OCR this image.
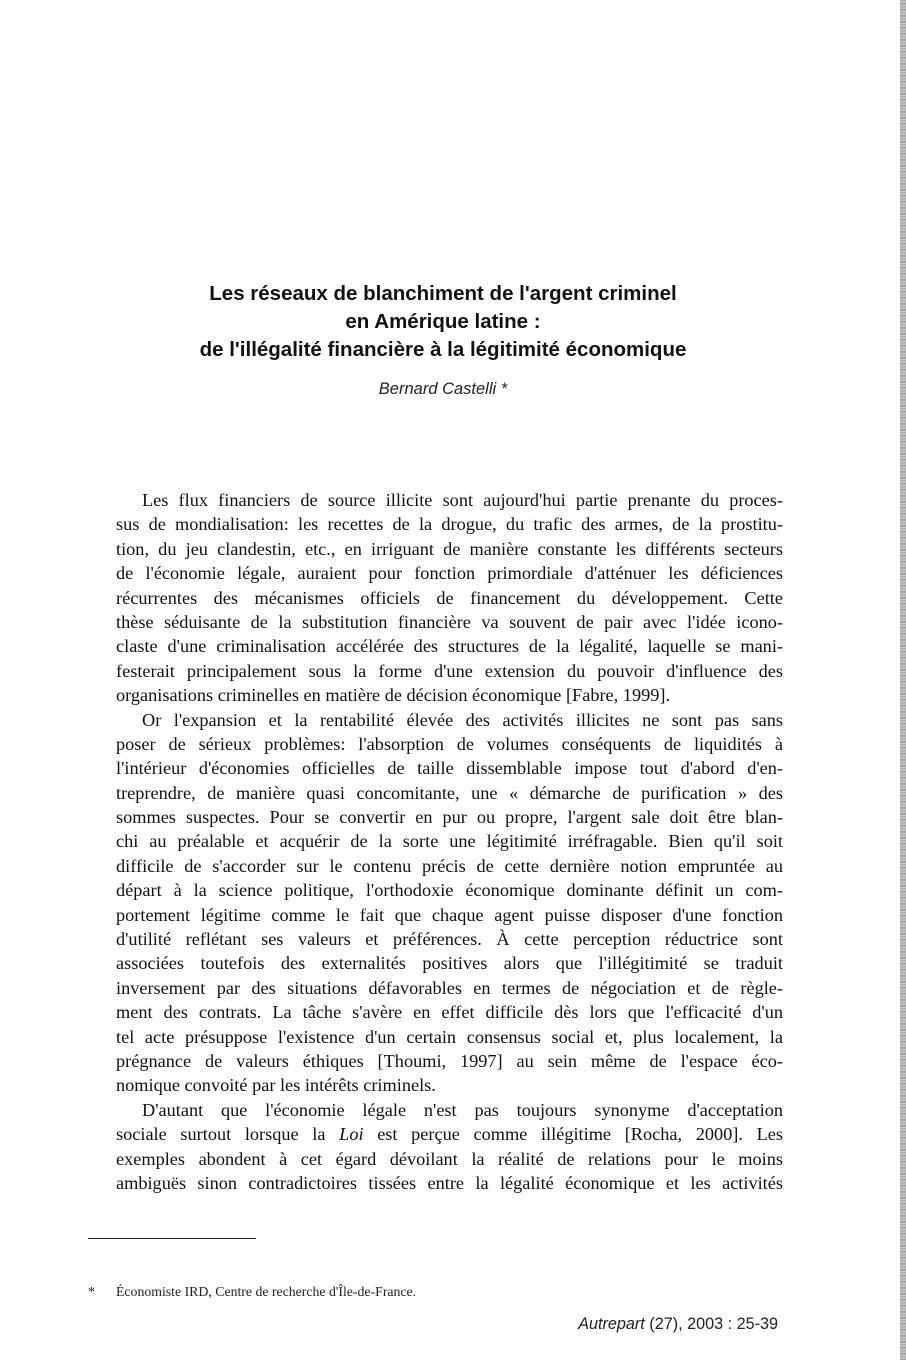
Les réseaux de blanchiment de l'argent criminel
en Amérique latine :
de l'illégalité financière à la légitimité économique
Bernard Castelli *
Les flux financiers de source illicite sont aujourd'hui partie prenante du proces-
sus de mondialisation: les recettes de la drogue, du trafic des armes, de la prostitu-
tion, du jeu clandestin, etc., en irriguant de manière constante les différents secteurs
de l'économie légale, auraient pour fonction primordiale d'atténuer les déficiences
récurrentes des mécanismes officiels de financement du développement. Cette
thèse séduisante de la substitution financière va souvent de pair avec l'idée icono-
claste d'une criminalisation accélérée des structures de la légalité, laquelle se mani-
festerait principalement sous la forme d'une extension du pouvoir d'influence des
organisations criminelles en matière de décision économique [Fabre, 1999].
Or l'expansion et la rentabilité élevée des activités illicites ne sont pas sans
poser de sérieux problèmes: l'absorption de volumes conséquents de liquidités à
l'intérieur d'économies officielles de taille dissemblable impose tout d'abord d'en-
treprendre, de manière quasi concomitante, une « démarche de purification » des
sommes suspectes. Pour se convertir en pur ou propre, l'argent sale doit être blan-
chi au préalable et acquérir de la sorte une légitimité irréfragable. Bien qu'il soit
difficile de s'accorder sur le contenu précis de cette dernière notion empruntée au
départ à la science politique, l'orthodoxie économique dominante définit un com-
portement légitime comme le fait que chaque agent puisse disposer d'une fonction
d'utilité reflétant ses valeurs et préférences. À cette perception réductrice sont
associées toutefois des externalités positives alors que l'illégitimité se traduit
inversement par des situations défavorables en termes de négociation et de règle-
ment des contrats. La tâche s'avère en effet difficile dès lors que l'efficacité d'un
tel acte présuppose l'existence d'un certain consensus social et, plus localement, la
prégnance de valeurs éthiques [Thoumi, 1997] au sein même de l'espace éco-
nomique convoité par les intérêts criminels.
D'autant que l'économie légale n'est pas toujours synonyme d'acceptation
sociale surtout lorsque la Loi est perçue comme illégitime [Rocha, 2000]. Les
exemples abondent à cet égard dévoilant la réalité de relations pour le moins
ambiguës sinon contradictoires tissées entre la légalité économique et les activités
* Économiste IRD, Centre de recherche d'Île-de-France.
Autrepart (27), 2003 : 25-39
